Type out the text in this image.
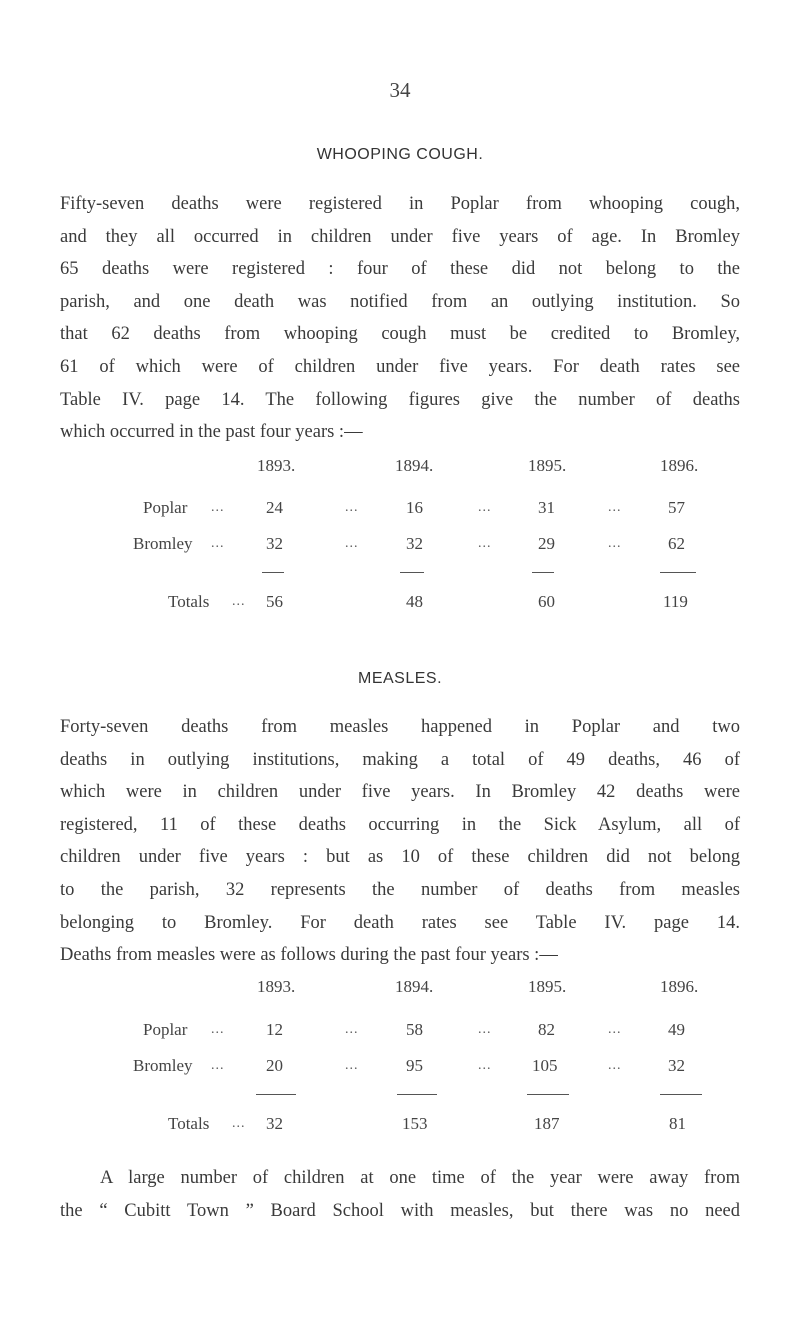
34
WHOOPING COUGH.
Fifty-seven deaths were registered in Poplar from whooping cough,
and they all occurred in children under five years of age. In Bromley
65 deaths were registered : four of these did not belong to the
parish, and one death was notified from an outlying institution. So
that 62 deaths from whooping cough must be credited to Bromley,
61 of which were of children under five years. For death rates see
Table IV. page 14. The following figures give the number of deaths
which occurred in the past four years :—
1893.	1894.	1895.	1896.
Poplar ... 24	...	16	...	31	...	57
Bromley ... 32	...	32	...	29	...	62
Totals ... 56	48	60	119
MEASLES.
Forty-seven deaths from measles happened in Poplar and two
deaths in outlying institutions, making a total of 49 deaths, 46 of
which were in children under five years. In Bromley 42 deaths were
registered, 11 of these deaths occurring in the Sick Asylum, all of
children under five years : but as 10 of these children did not belong
to the parish, 32 represents the number of deaths from measles
belonging to Bromley. For death rates see Table IV. page 14.
Deaths from measles were as follows during the past four years :—
1893.	1894.	1895.	1896.
Poplar ... 12	...	58	...	82	...	49
Bromley ... 20	...	95	... 105	...	32
Totals ... 32	153	187	81
A large number of children at one time of the year were away from
the “ Cubitt Town ” Board School with measles, but there was no need
